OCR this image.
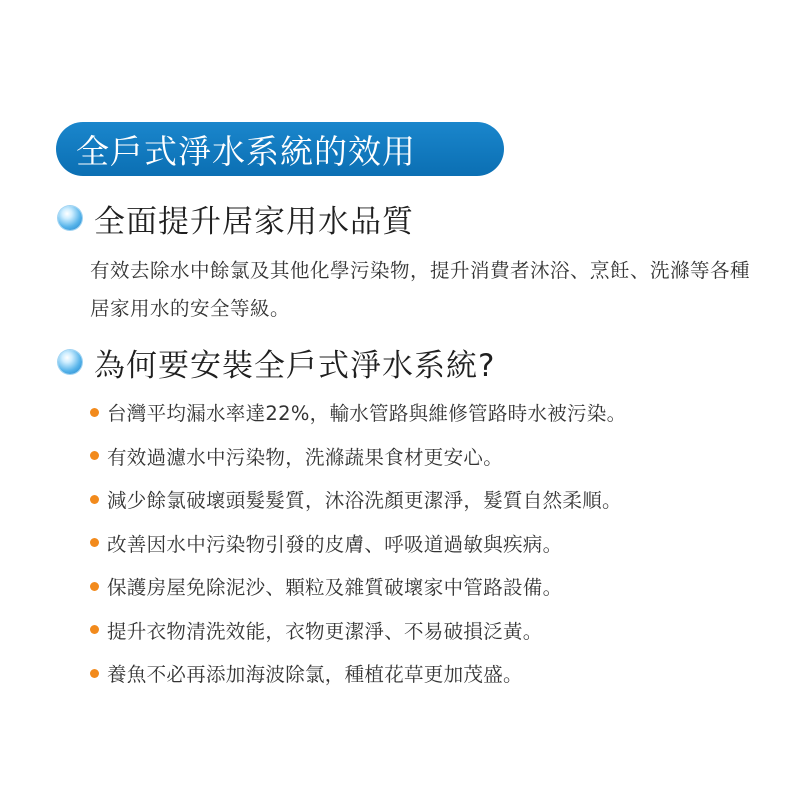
全戶式淨水系統的效用
全面提升居家用水品質
有效去除水中餘氯及其他化學污染物，提升消費者沐浴、烹飪、洗滌等各種居家用水的安全等級。
為何要安裝全戶式淨水系統?
台灣平均漏水率達22%，輸水管路與維修管路時水被污染。
有效過濾水中污染物，洗滌蔬果食材更安心。
減少餘氯破壞頭髮髮質，沐浴洗顏更潔淨，髮質自然柔順。
改善因水中污染物引發的皮膚、呼吸道過敏與疾病。
保護房屋免除泥沙、顆粒及雜質破壞家中管路設備。
提升衣物清洗效能，衣物更潔淨、不易破損泛黃。
養魚不必再添加海波除氯，種植花草更加茂盛。
